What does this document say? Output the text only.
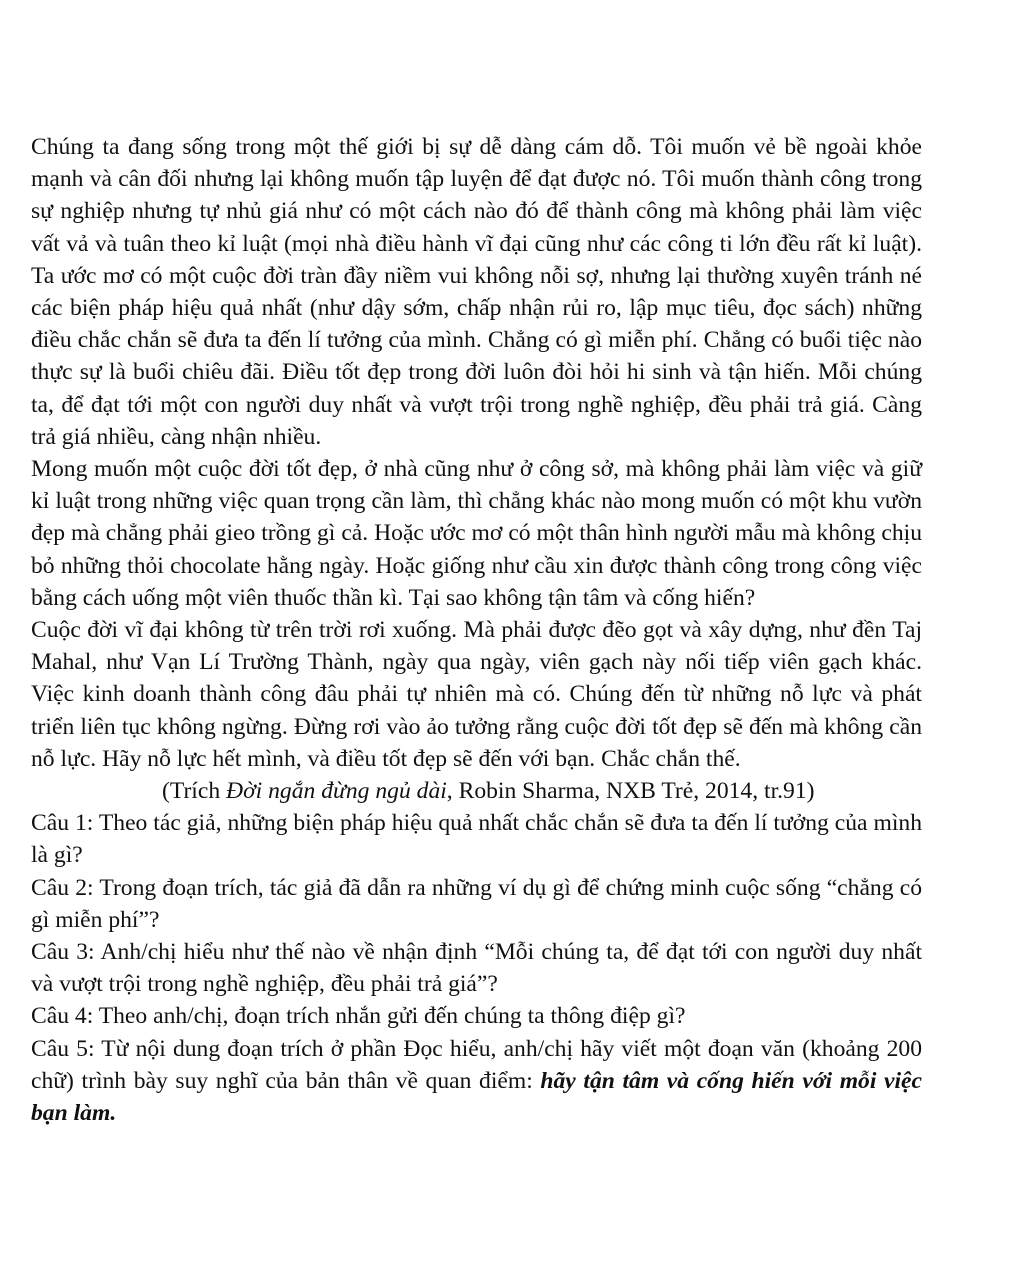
Chúng ta đang sống trong một thế giới bị sự dễ dàng cám dỗ. Tôi muốn vẻ bề ngoài khỏe mạnh và cân đối nhưng lại không muốn tập luyện để đạt được nó. Tôi muốn thành công trong sự nghiệp nhưng tự nhủ giá như có một cách nào đó để thành công mà không phải làm việc vất vả và tuân theo kỉ luật (mọi nhà điều hành vĩ đại cũng như các công ti lớn đều rất kỉ luật). Ta ước mơ có một cuộc đời tràn đầy niềm vui không nỗi sợ, nhưng lại thường xuyên tránh né các biện pháp hiệu quả nhất (như dậy sớm, chấp nhận rủi ro, lập mục tiêu, đọc sách) những điều chắc chắn sẽ đưa ta đến lí tưởng của mình. Chẳng có gì miễn phí. Chẳng có buổi tiệc nào thực sự là buổi chiêu đãi. Điều tốt đẹp trong đời luôn đòi hỏi hi sinh và tận hiến. Mỗi chúng ta, để đạt tới một con người duy nhất và vượt trội trong nghề nghiệp, đều phải trả giá. Càng trả giá nhiều, càng nhận nhiều.

Mong muốn một cuộc đời tốt đẹp, ở nhà cũng như ở công sở, mà không phải làm việc và giữ kỉ luật trong những việc quan trọng cần làm, thì chẳng khác nào mong muốn có một khu vườn đẹp mà chẳng phải gieo trồng gì cả. Hoặc ước mơ có một thân hình người mẫu mà không chịu bỏ những thỏi chocolate hằng ngày. Hoặc giống như cầu xin được thành công trong công việc bằng cách uống một viên thuốc thần kì. Tại sao không tận tâm và cống hiến?

Cuộc đời vĩ đại không từ trên trời rơi xuống. Mà phải được đẽo gọt và xây dựng, như đền Taj Mahal, như Vạn Lí Trường Thành, ngày qua ngày, viên gạch này nối tiếp viên gạch khác. Việc kinh doanh thành công đâu phải tự nhiên mà có. Chúng đến từ những nỗ lực và phát triển liên tục không ngừng. Đừng rơi vào ảo tưởng rằng cuộc đời tốt đẹp sẽ đến mà không cần nỗ lực. Hãy nỗ lực hết mình, và điều tốt đẹp sẽ đến với bạn. Chắc chắn thế.

(Trích Đời ngắn đừng ngủ dài, Robin Sharma, NXB Trẻ, 2014, tr.91)

Câu 1: Theo tác giả, những biện pháp hiệu quả nhất chắc chắn sẽ đưa ta đến lí tưởng của mình là gì?

Câu 2: Trong đoạn trích, tác giả đã dẫn ra những ví dụ gì để chứng minh cuộc sống “chẳng có gì miễn phí”?

Câu 3: Anh/chị hiểu như thế nào về nhận định “Mỗi chúng ta, để đạt tới con người duy nhất và vượt trội trong nghề nghiệp, đều phải trả giá”?

Câu 4: Theo anh/chị, đoạn trích nhắn gửi đến chúng ta thông điệp gì?

Câu 5: Từ nội dung đoạn trích ở phần Đọc hiểu, anh/chị hãy viết một đoạn văn (khoảng 200 chữ) trình bày suy nghĩ của bản thân về quan điểm: hãy tận tâm và cống hiến với mỗi việc bạn làm.
